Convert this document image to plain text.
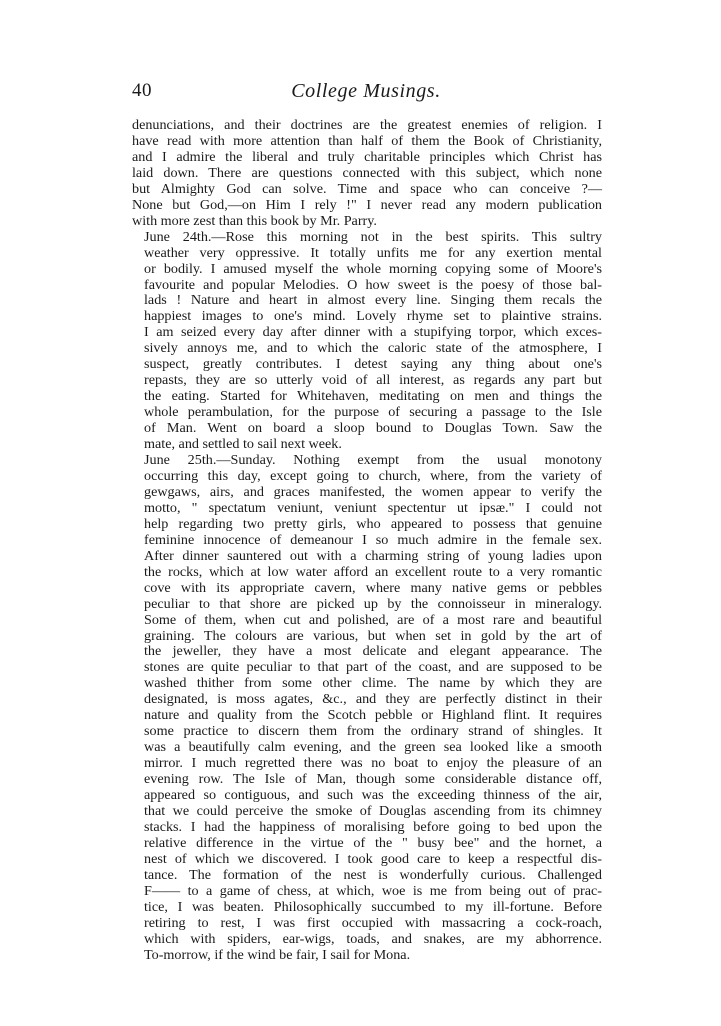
40	College Musings.

denunciations, and their doctrines are the greatest enemies of religion. I
have read with more attention than half of them the Book of Christianity,
and I admire the liberal and truly charitable principles which Christ has
laid down. There are questions connected with this subject, which none
but Almighty God can solve. Time and space who can conceive ?—
None but God,—on Him I rely !" I never read any modern publication
with more zest than this book by Mr. Parry.

June 24th.—Rose this morning not in the best spirits. This sultry
weather very oppressive. It totally unfits me for any exertion mental
or bodily. I amused myself the whole morning copying some of Moore's
favourite and popular Melodies. O how sweet is the poesy of those bal-
lads ! Nature and heart in almost every line. Singing them recals the
happiest images to one's mind. Lovely rhyme set to plaintive strains.
I am seized every day after dinner with a stupifying torpor, which exces-
sively annoys me, and to which the caloric state of the atmosphere, I
suspect, greatly contributes. I detest saying any thing about one's
repasts, they are so utterly void of all interest, as regards any part but
the eating. Started for Whitehaven, meditating on men and things the
whole perambulation, for the purpose of securing a passage to the Isle
of Man. Went on board a sloop bound to Douglas Town. Saw the
mate, and settled to sail next week.

June 25th.—Sunday. Nothing exempt from the usual monotony
occurring this day, except going to church, where, from the variety of
gewgaws, airs, and graces manifested, the women appear to verify the
motto, " spectatum veniunt, veniunt spectentur ut ipsæ." I could not
help regarding two pretty girls, who appeared to possess that genuine
feminine innocence of demeanour I so much admire in the female sex.
After dinner sauntered out with a charming string of young ladies upon
the rocks, which at low water afford an excellent route to a very romantic
cove with its appropriate cavern, where many native gems or pebbles
peculiar to that shore are picked up by the connoisseur in mineralogy.
Some of them, when cut and polished, are of a most rare and beautiful
graining. The colours are various, but when set in gold by the art of
the jeweller, they have a most delicate and elegant appearance. The
stones are quite peculiar to that part of the coast, and are supposed to be
washed thither from some other clime. The name by which they are
designated, is moss agates, &c., and they are perfectly distinct in their
nature and quality from the Scotch pebble or Highland flint. It requires
some practice to discern them from the ordinary strand of shingles. It
was a beautifully calm evening, and the green sea looked like a smooth
mirror. I much regretted there was no boat to enjoy the pleasure of an
evening row. The Isle of Man, though some considerable distance off,
appeared so contiguous, and such was the exceeding thinness of the air,
that we could perceive the smoke of Douglas ascending from its chimney
stacks. I had the happiness of moralising before going to bed upon the
relative difference in the virtue of the " busy bee" and the hornet, a
nest of which we discovered. I took good care to keep a respectful dis-
tance. The formation of the nest is wonderfully curious. Challenged
F—— to a game of chess, at which, woe is me from being out of prac-
tice, I was beaten. Philosophically succumbed to my ill-fortune. Before
retiring to rest, I was first occupied with massacring a cock-roach,
which with spiders, ear-wigs, toads, and snakes, are my abhorrence.
To-morrow, if the wind be fair, I sail for Mona.
